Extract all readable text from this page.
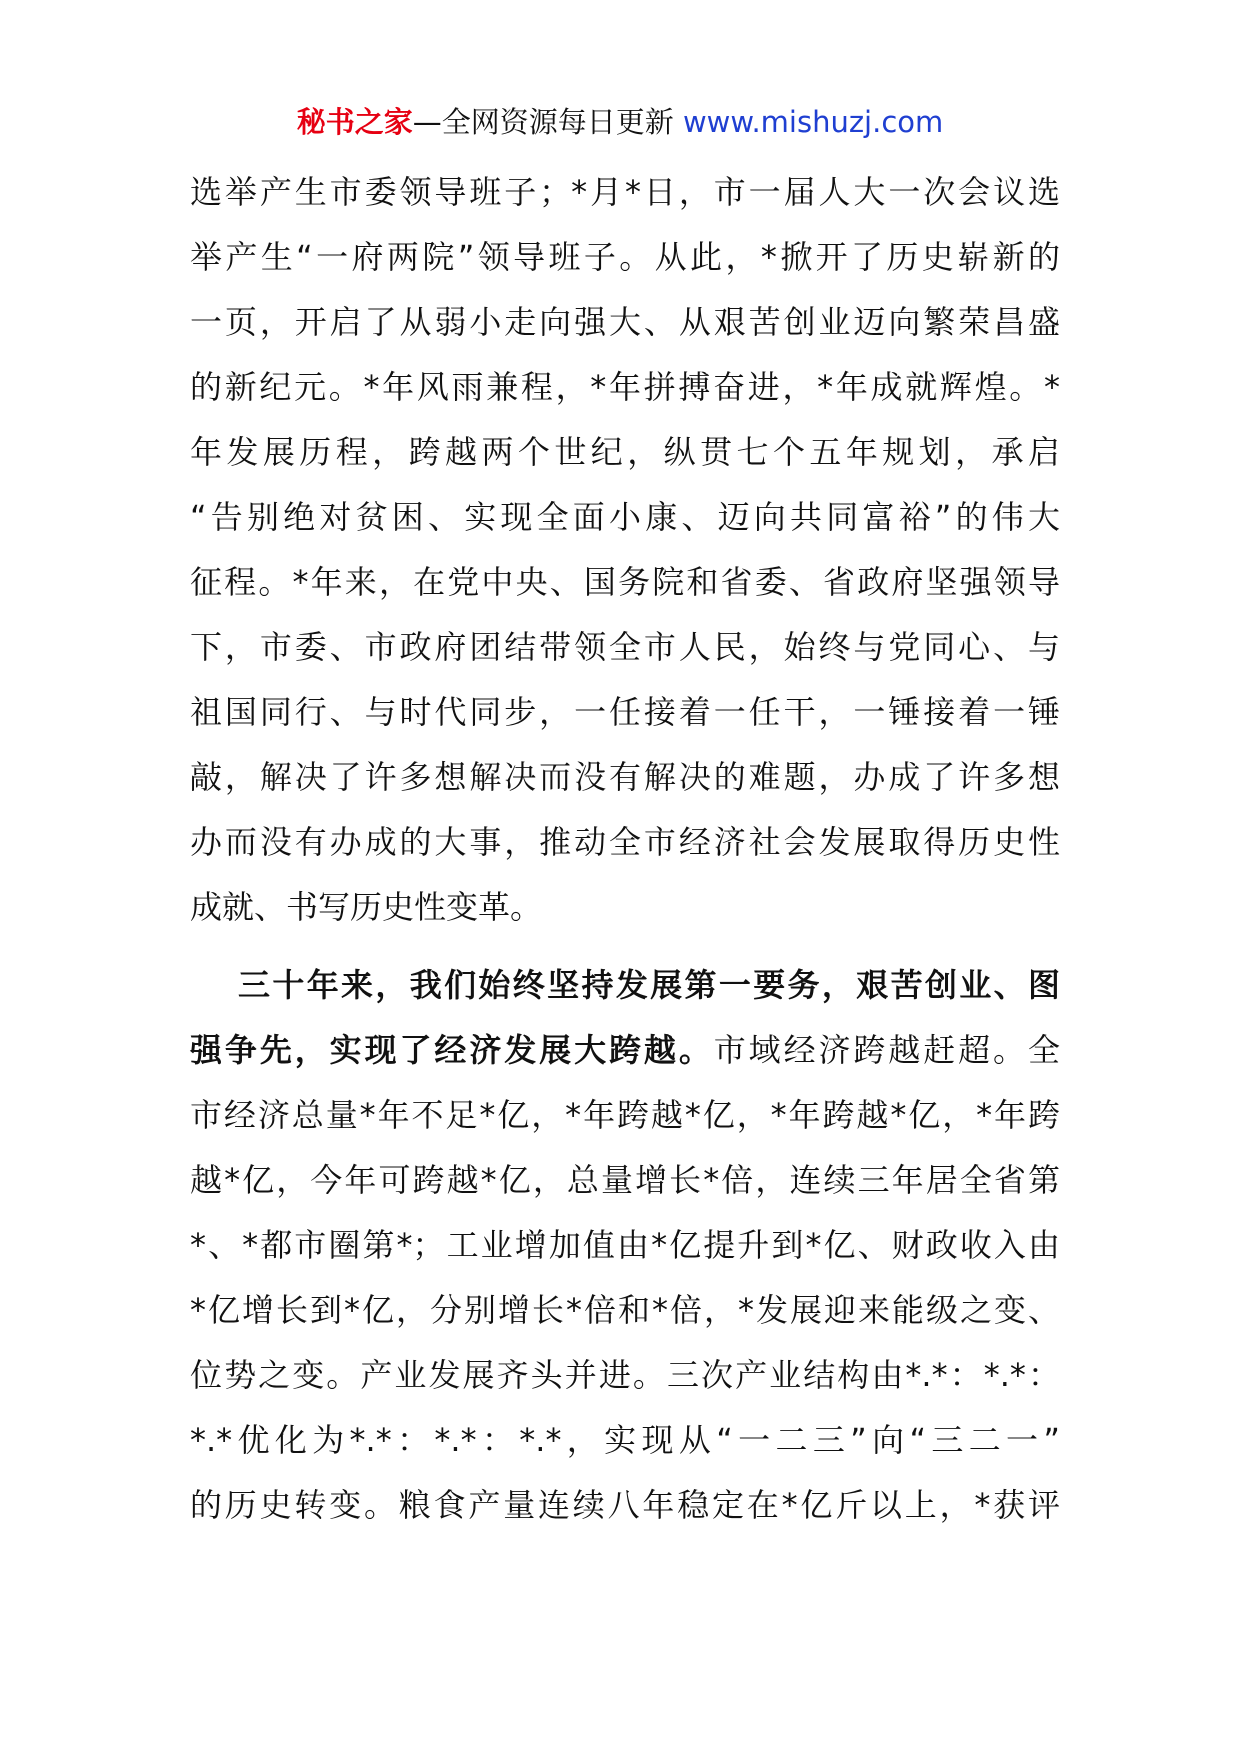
秘书之家—全网资源每日更新 www.mishuzj.com
选举产生市委领导班子；*月*日，市一届人大一次会议选
举产生“一府两院”领导班子。从此，*掀开了历史崭新的
一页，开启了从弱小走向强大、从艰苦创业迈向繁荣昌盛
的新纪元。*年风雨兼程，*年拼搏奋进，*年成就辉煌。*
年发展历程，跨越两个世纪，纵贯七个五年规划，承启
“告别绝对贫困、实现全面小康、迈向共同富裕”的伟大
征程。*年来，在党中央、国务院和省委、省政府坚强领导
下，市委、市政府团结带领全市人民，始终与党同心、与
祖国同行、与时代同步，一任接着一任干，一锤接着一锤
敲，解决了许多想解决而没有解决的难题，办成了许多想
办而没有办成的大事，推动全市经济社会发展取得历史性
成就、书写历史性变革。
三十年来，我们始终坚持发展第一要务，艰苦创业、图
强争先，实现了经济发展大跨越。市域经济跨越赶超。全
市经济总量*年不足*亿，*年跨越*亿，*年跨越*亿，*年跨
越*亿，今年可跨越*亿，总量增长*倍，连续三年居全省第
*、*都市圈第*；工业增加值由*亿提升到*亿、财政收入由
*亿增长到*亿，分别增长*倍和*倍，*发展迎来能级之变、
位势之变。产业发展齐头并进。三次产业结构由*.*：*.*：
*.*优化为*.*：*.*：*.*，实现从“一二三”向“三二一”
的历史转变。粮食产量连续八年稳定在*亿斤以上，*获评
